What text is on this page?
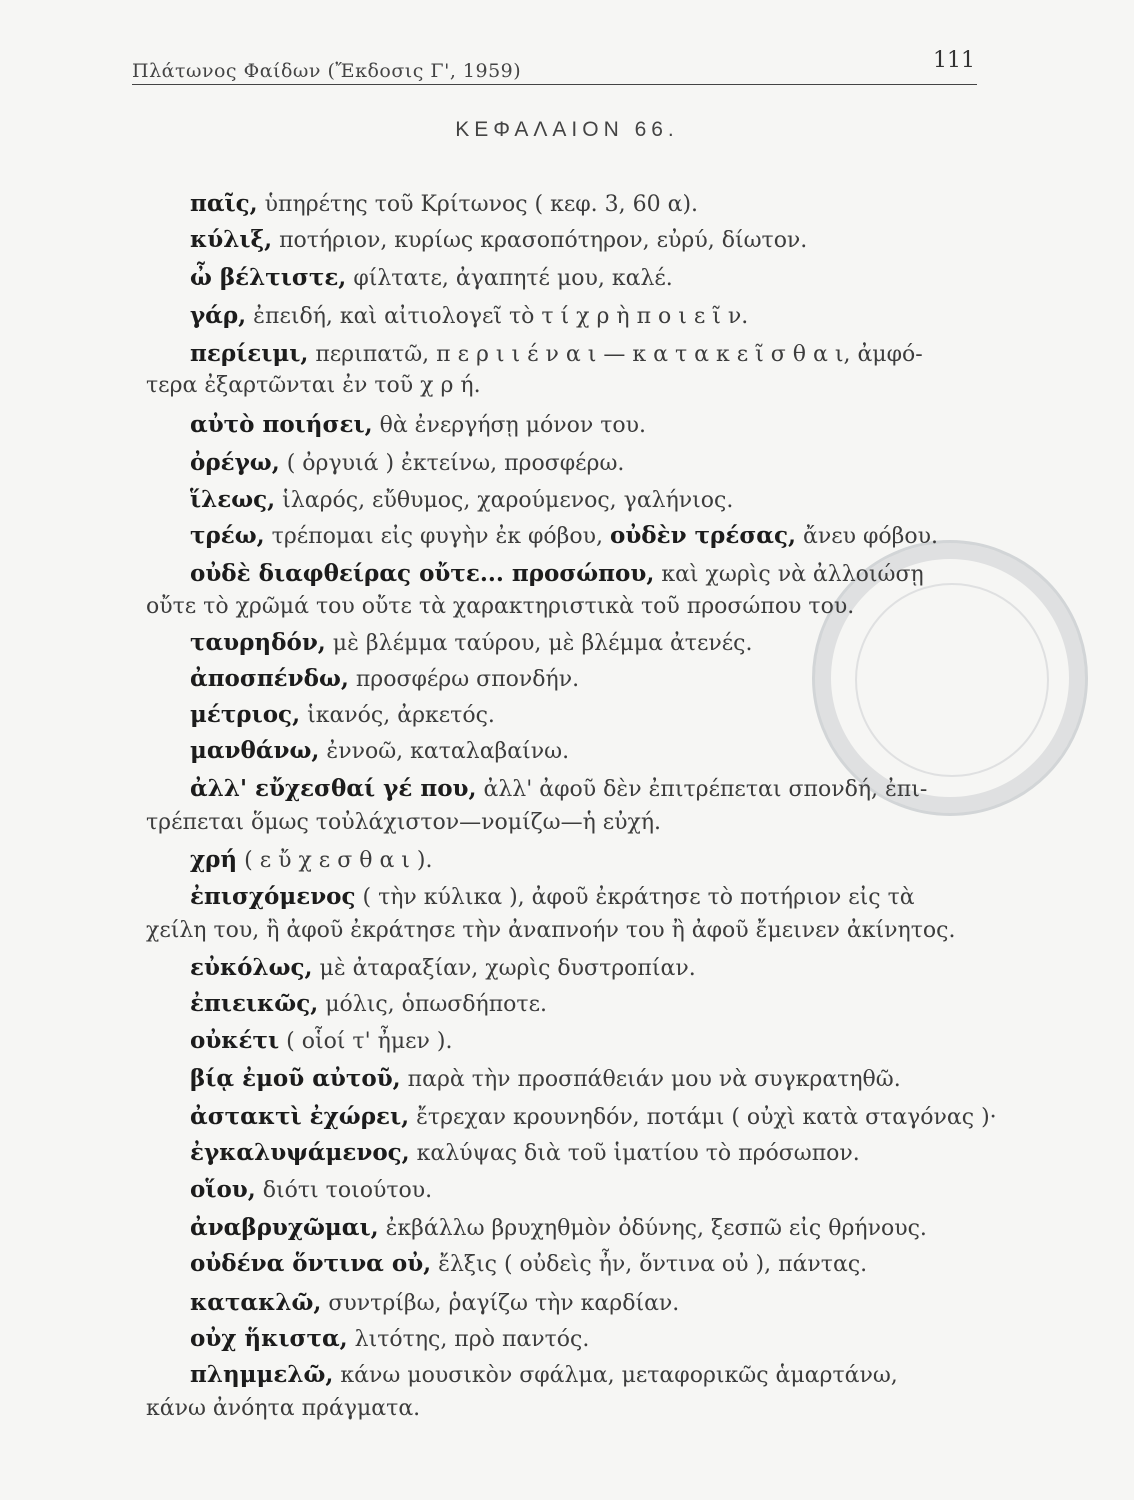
Πλάτωνος Φαίδων (Ἔκδοσις Γ', 1959)	111
ΚΕΦΑΛΑΙΟΝ 66.
παῖς, ὑπηρέτης τοῦ Κρίτωνος ( κεφ. 3, 60 α).
κύλιξ, ποτήριον, κυρίως κρασοπότηρον, εὐρύ, δίωτον.
ὦ βέλτιστε, φίλτατε, ἀγαπητέ μου, καλέ.
γάρ, ἐπειδή, καὶ αἰτιολογεῖ τὸ τ ί χ ρ ὴ π ο ι ε ῖ ν.
περίειμι, περιπατῶ, π ε ρ ι ι έ ν α ι — κ α τ α κ ε ῖ σ θ α ι, ἀμφό-
τερα ἐξαρτῶνται ἐν τοῦ χ ρ ή.
αὐτὸ ποιήσει, θὰ ἐνεργήσῃ μόνον του.
ὀρέγω, ( ὀργυιά ) ἐκτείνω, προσφέρω.
ἵλεως, ἱλαρός, εὔθυμος, χαρούμενος, γαλήνιος.
τρέω, τρέπομαι εἰς φυγὴν ἐκ φόβου, οὐδὲν τρέσας, ἄνευ φόβου.
οὐδὲ διαφθείρας οὔτε... προσώπου, καὶ χωρὶς νὰ ἀλλοιώσῃ
οὔτε τὸ χρῶμά του οὔτε τὰ χαρακτηριστικὰ τοῦ προσώπου του.
ταυρηδόν, μὲ βλέμμα ταύρου, μὲ βλέμμα ἀτενές.
ἀποσπένδω, προσφέρω σπονδήν.
μέτριος, ἱκανός, ἀρκετός.
μανθάνω, ἐννοῶ, καταλαβαίνω.
ἀλλ' εὔχεσθαί γέ που, ἀλλ' ἀφοῦ δὲν ἐπιτρέπεται σπονδή, ἐπι-
τρέπεται ὅμως τοὐλάχιστον—νομίζω—ἡ εὐχή.
χρή ( ε ὔ χ ε σ θ α ι ).
ἐπισχόμενος ( τὴν κύλικα ), ἀφοῦ ἐκράτησε τὸ ποτήριον εἰς τὰ
χείλη του, ἢ ἀφοῦ ἐκράτησε τὴν ἀναπνοήν του ἢ ἀφοῦ ἔμεινεν ἀκίνητος.
εὐκόλως, μὲ ἀταραξίαν, χωρὶς δυστροπίαν.
ἐπιεικῶς, μόλις, ὁπωσδήποτε.
οὐκέτι ( οἷοί τ' ἦμεν ).
βίᾳ ἐμοῦ αὐτοῦ, παρὰ τὴν προσπάθειάν μου νὰ συγκρατηθῶ.
ἀστακτὶ ἐχώρει, ἔτρεχαν κρουνηδόν, ποτάμι ( οὐχὶ κατὰ σταγόνας )·
ἐγκαλυψάμενος, καλύψας διὰ τοῦ ἱματίου τὸ πρόσωπον.
οἵου, διότι τοιούτου.
ἀναβρυχῶμαι, ἐκβάλλω βρυχηθμὸν ὀδύνης, ξεσπῶ εἰς θρήνους.
οὐδένα ὅντινα οὐ, ἔλξις ( οὐδεὶς ἦν, ὅντινα οὐ ), πάντας.
κατακλῶ, συντρίβω, ῥαγίζω τὴν καρδίαν.
οὐχ ἥκιστα, λιτότης, πρὸ παντός.
πλημμελῶ, κάνω μουσικὸν σφάλμα, μεταφορικῶς ἁμαρτάνω,
κάνω ἀνόητα πράγματα.
